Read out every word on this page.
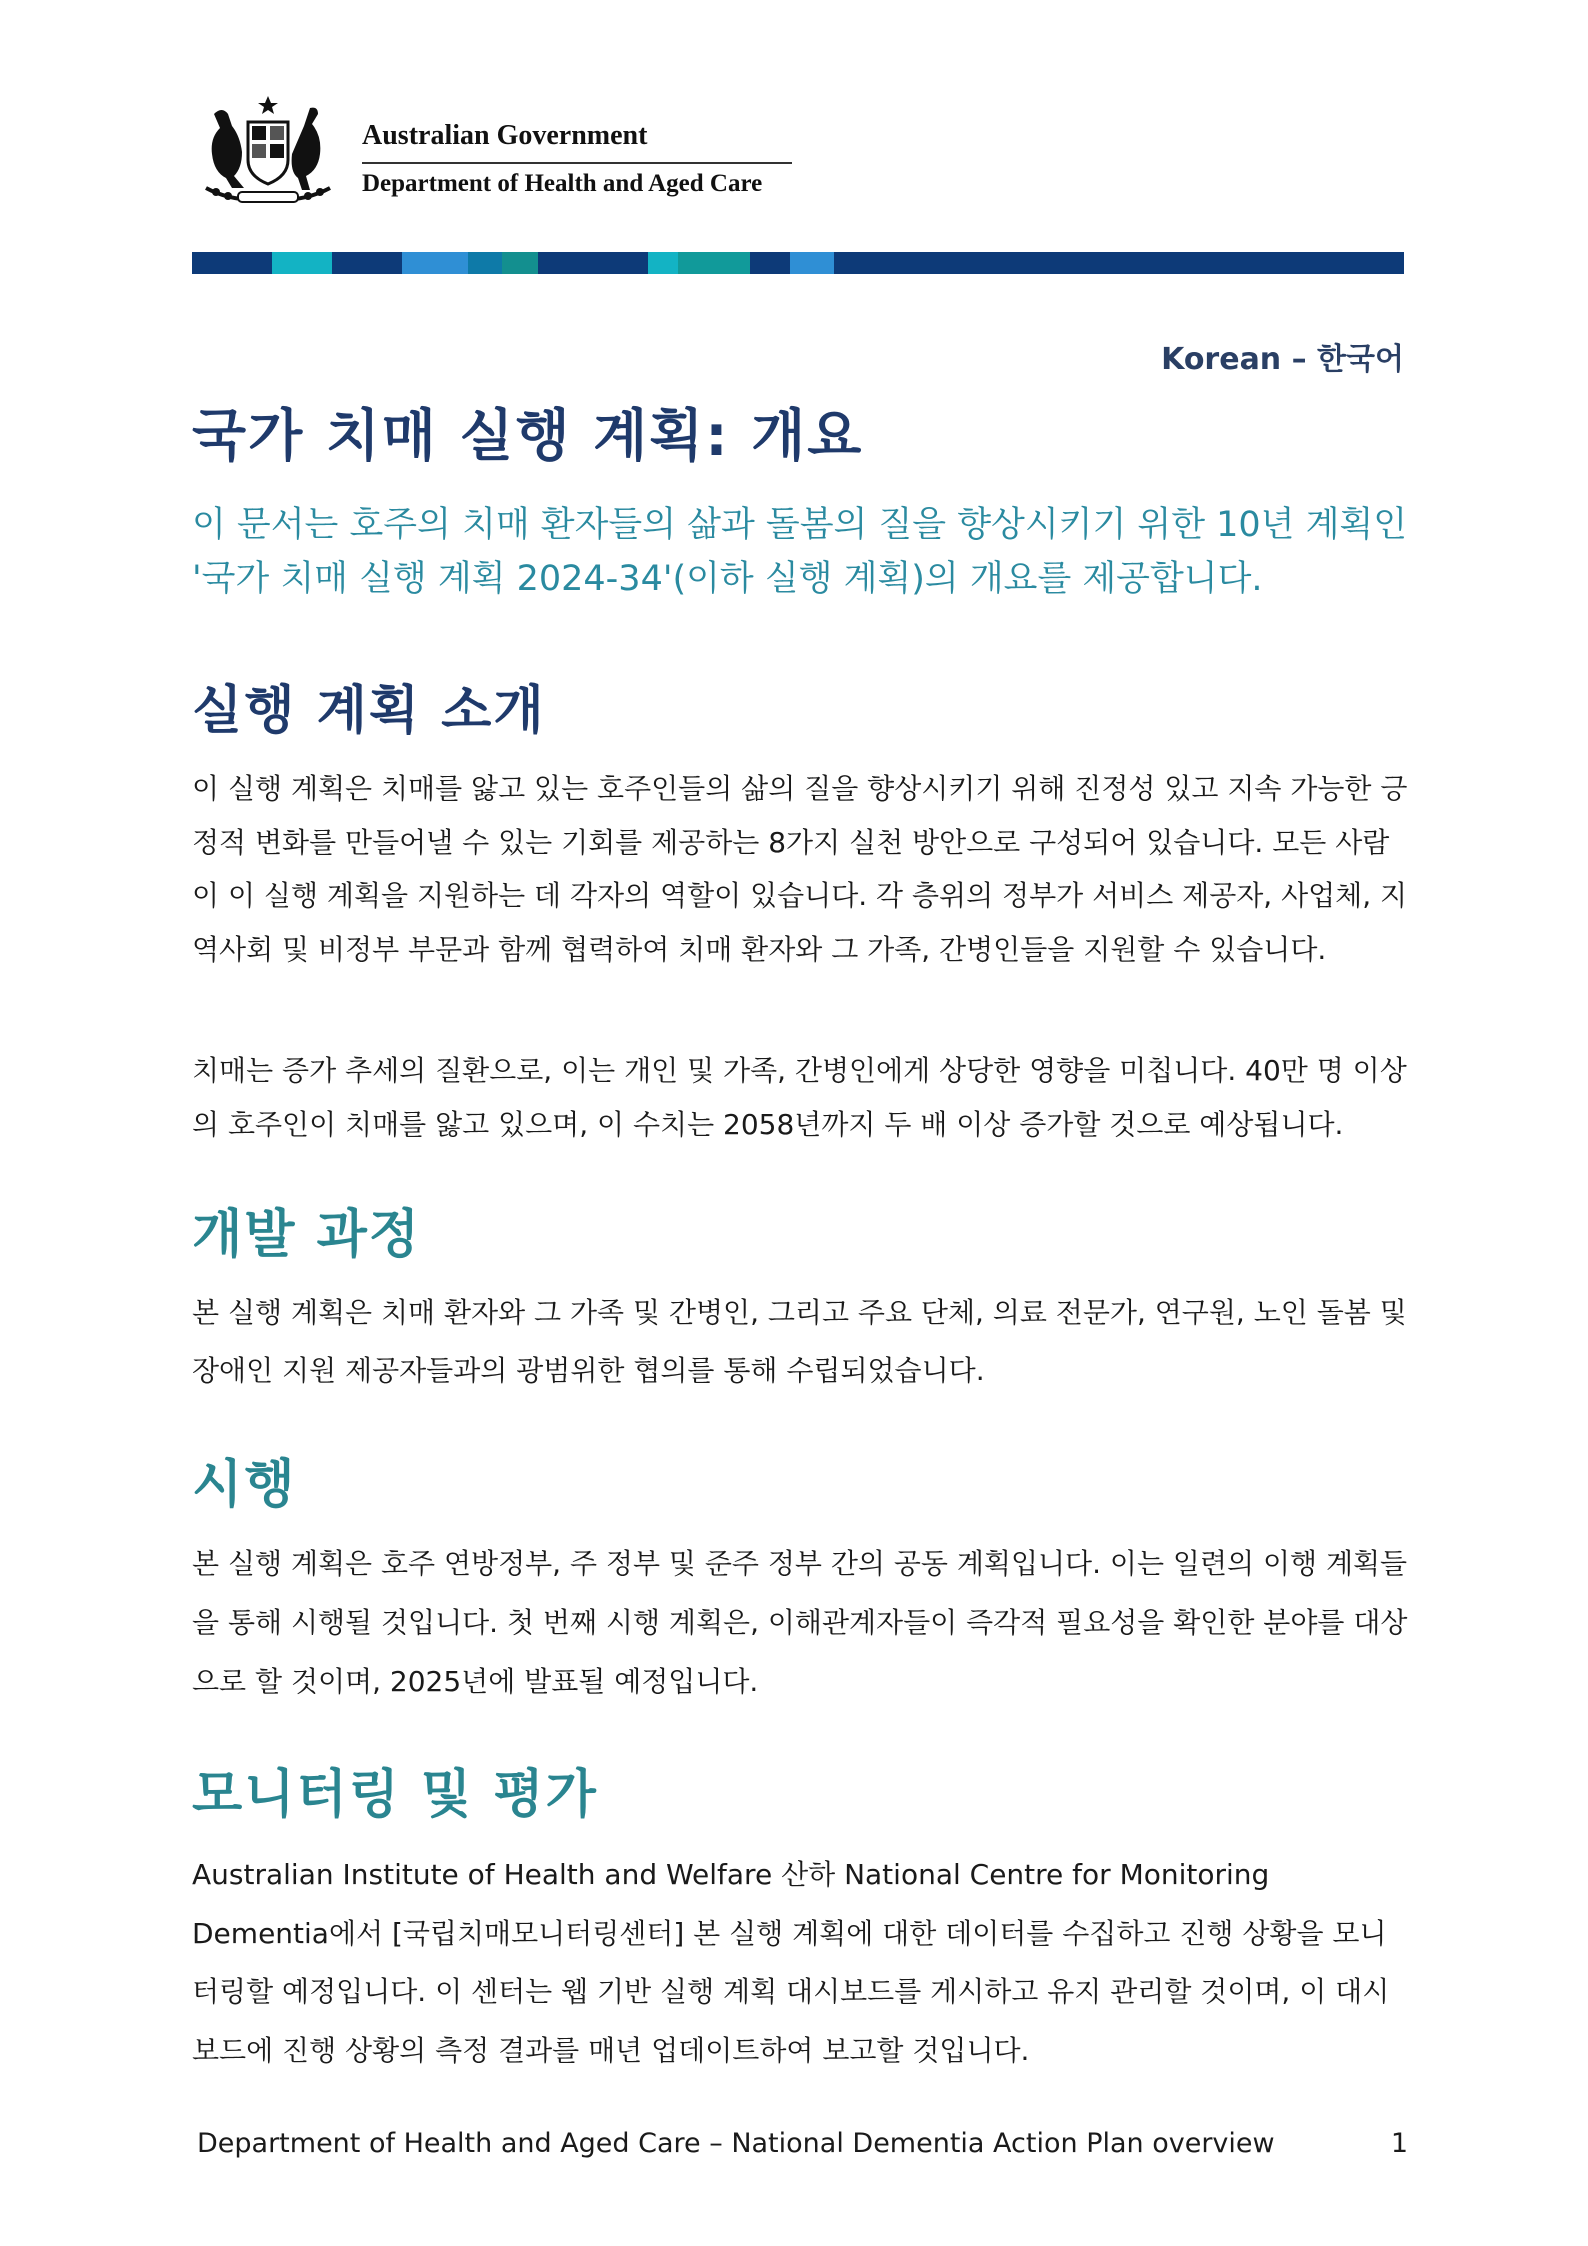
Australian Government
Department of Health and Aged Care
Korean – 한국어
국가 치매 실행 계획: 개요

이 문서는 호주의 치매 환자들의 삶과 돌봄의 질을 향상시키기 위한 10년 계획인 '국가 치매 실행 계획 2024-34'(이하 실행 계획)의 개요를 제공합니다.

실행 계획 소개

이 실행 계획은 치매를 앓고 있는 호주인들의 삶의 질을 향상시키기 위해 진정성 있고 지속 가능한 긍정적 변화를 만들어낼 수 있는 기회를 제공하는 8가지 실천 방안으로 구성되어 있습니다. 모든 사람이 이 실행 계획을 지원하는 데 각자의 역할이 있습니다. 각 층위의 정부가 서비스 제공자, 사업체, 지역사회 및 비정부 부문과 함께 협력하여 치매 환자와 그 가족, 간병인들을 지원할 수 있습니다.

치매는 증가 추세의 질환으로, 이는 개인 및 가족, 간병인에게 상당한 영향을 미칩니다. 40만 명 이상의 호주인이 치매를 앓고 있으며, 이 수치는 2058년까지 두 배 이상 증가할 것으로 예상됩니다.

개발 과정

본 실행 계획은 치매 환자와 그 가족 및 간병인, 그리고 주요 단체, 의료 전문가, 연구원, 노인 돌봄 및 장애인 지원 제공자들과의 광범위한 협의를 통해 수립되었습니다.

시행

본 실행 계획은 호주 연방정부, 주 정부 및 준주 정부 간의 공동 계획입니다. 이는 일련의 이행 계획들을 통해 시행될 것입니다. 첫 번째 시행 계획은, 이해관계자들이 즉각적 필요성을 확인한 분야를 대상으로 할 것이며, 2025년에 발표될 예정입니다.

모니터링 및 평가

Australian Institute of Health and Welfare 산하 National Centre for Monitoring Dementia에서 [국립치매모니터링센터] 본 실행 계획에 대한 데이터를 수집하고 진행 상황을 모니터링할 예정입니다. 이 센터는 웹 기반 실행 계획 대시보드를 게시하고 유지 관리할 것이며, 이 대시보드에 진행 상황의 측정 결과를 매년 업데이트하여 보고할 것입니다.

Department of Health and Aged Care – National Dementia Action Plan overview	1
